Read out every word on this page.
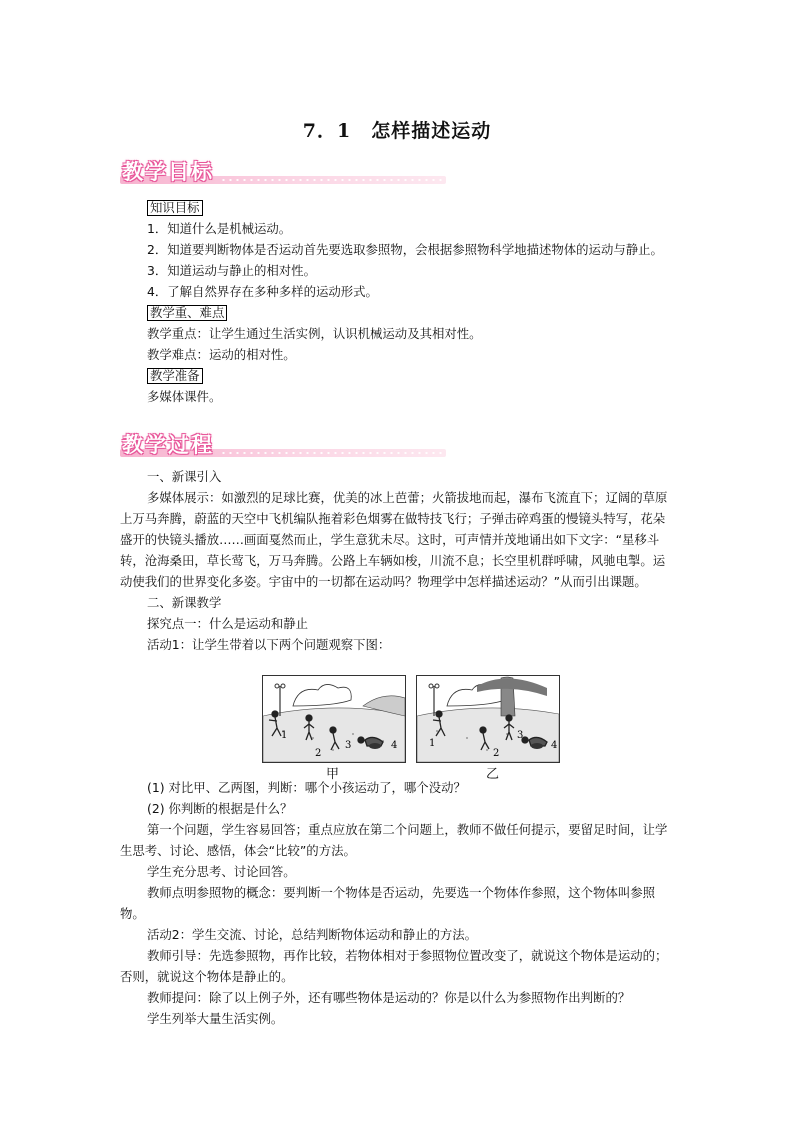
7．1　怎样描述运动
教学目标
知识目标
1．知道什么是机械运动。
2．知道要判断物体是否运动首先要选取参照物，会根据参照物科学地描述物体的运动与静止。
3．知道运动与静止的相对性。
4．了解自然界存在多种多样的运动形式。
教学重、难点
教学重点：让学生通过生活实例，认识机械运动及其相对性。
教学难点：运动的相对性。
教学准备
多媒体课件。
教学过程
一、新课引入
多媒体展示：如激烈的足球比赛，优美的冰上芭蕾；火箭拔地而起，瀑布飞流直下；辽阔的草原上万马奔腾，蔚蓝的天空中飞机编队拖着彩色烟雾在做特技飞行；子弹击碎鸡蛋的慢镜头特写，花朵盛开的快镜头播放……画面戛然而止，学生意犹未尽。这时，可声情并茂地诵出如下文字：“星移斗转，沧海桑田，草长莺飞，万马奔腾。公路上车辆如梭，川流不息；长空里机群呼啸，风驰电掣。运动使我们的世界变化多姿。宇宙中的一切都在运动吗？物理学中怎样描述运动？”从而引出课题。
二、新课教学
探究点一：什么是运动和静止
活动1：让学生带着以下两个问题观察下图：
1
2
3	4	1
2
3
4
甲	乙
(1) 对比甲、乙两图，判断：哪个小孩运动了，哪个没动？
(2) 你判断的根据是什么？
第一个问题，学生容易回答；重点应放在第二个问题上，教师不做任何提示，要留足时间，让学生思考、讨论、感悟，体会“比较”的方法。
学生充分思考、讨论回答。
教师点明参照物的概念：要判断一个物体是否运动，先要选一个物体作参照，这个物体叫参照物。
活动2：学生交流、讨论，总结判断物体运动和静止的方法。
教师引导：先选参照物，再作比较，若物体相对于参照物位置改变了，就说这个物体是运动的；否则，就说这个物体是静止的。
教师提问：除了以上例子外，还有哪些物体是运动的？你是以什么为参照物作出判断的？
学生列举大量生活实例。
